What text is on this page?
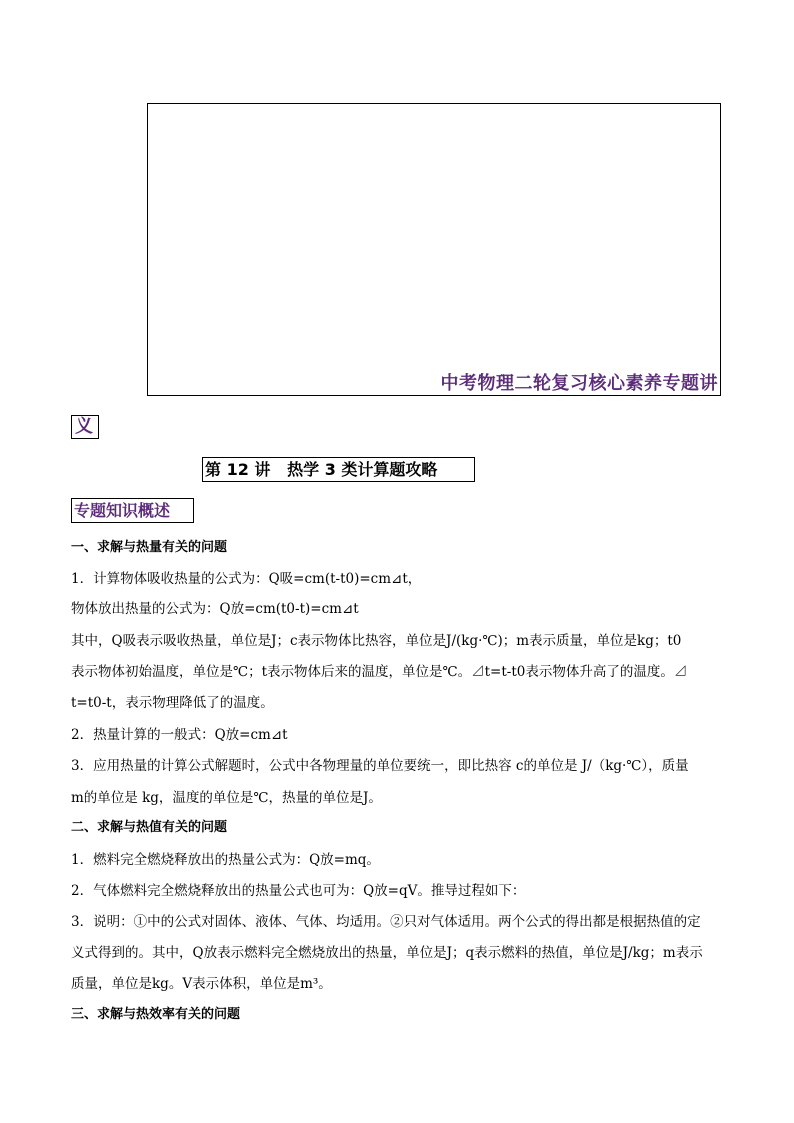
中考物理二轮复习核心素养专题讲
义
第 12 讲   热学 3 类计算题攻略
专题知识概述
一、求解与热量有关的问题
1．计算物体吸收热量的公式为：Q吸=cm(t-t0)=cm⊿t，
物体放出热量的公式为：Q放=cm(t0-t)=cm⊿t
其中，Q吸表示吸收热量，单位是J；c表示物体比热容，单位是J/(kg·℃)；m表示质量，单位是kg；t0
表示物体初始温度，单位是℃；t表示物体后来的温度，单位是℃。⊿t=t-t0表示物体升高了的温度。⊿
t=t0-t，表示物理降低了的温度。
2．热量计算的一般式：Q放=cm⊿t
3．应用热量的计算公式解题时，公式中各物理量的单位要统一，即比热容 c的单位是 J/（kg·℃），质量
m的单位是 kg，温度的单位是℃，热量的单位是J。
二、求解与热值有关的问题
1．燃料完全燃烧释放出的热量公式为：Q放=mq。
2．气体燃料完全燃烧释放出的热量公式也可为：Q放=qV。推导过程如下：
3．说明：①中的公式对固体、液体、气体、均适用。②只对气体适用。两个公式的得出都是根据热值的定
义式得到的。其中，Q放表示燃料完全燃烧放出的热量，单位是J；q表示燃料的热值，单位是J/kg；m表示
质量，单位是kg。V表示体积，单位是m³。
三、求解与热效率有关的问题
